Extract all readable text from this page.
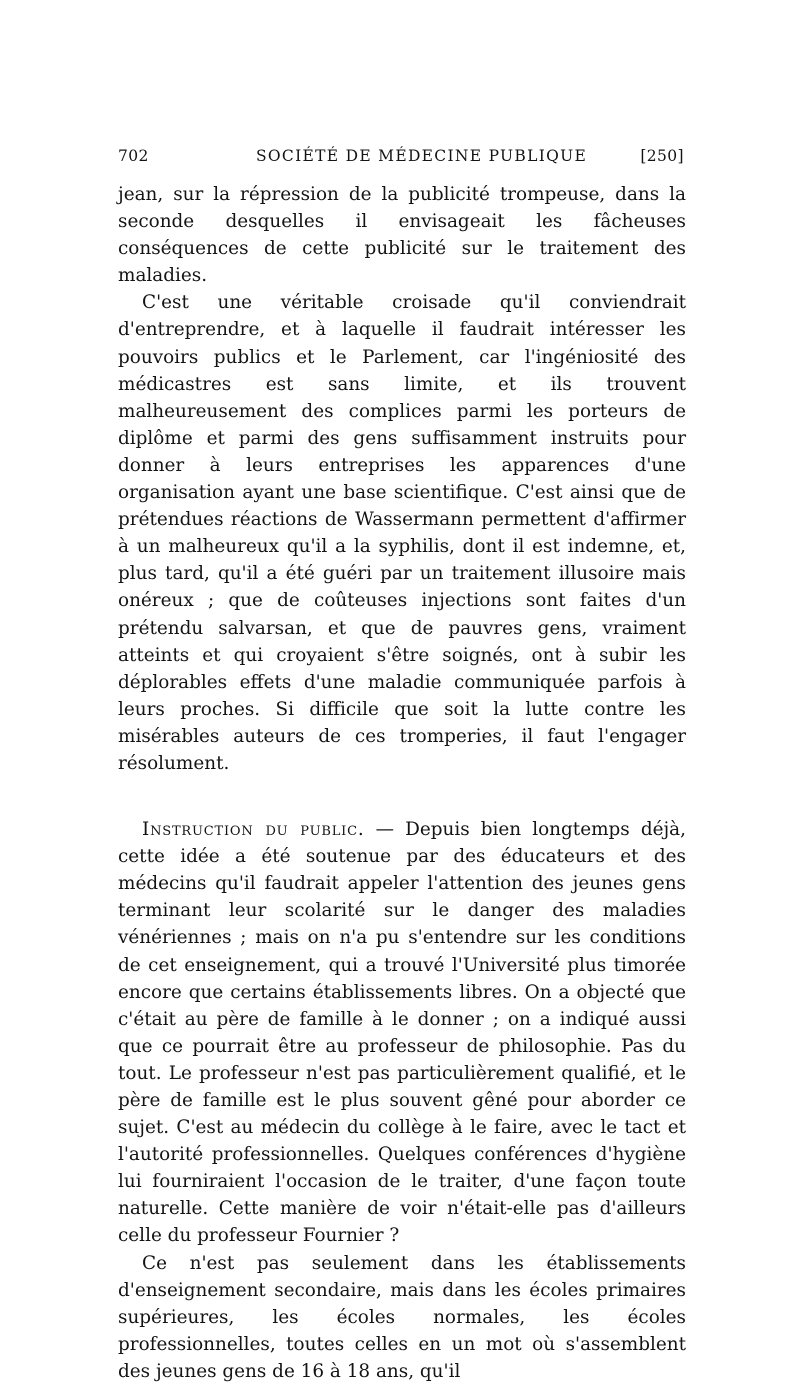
702	SOCIÉTÉ DE MÉDECINE PUBLIQUE	[250]

jean, sur la répression de la publicité trompeuse, dans la seconde desquelles il envisageait les fâcheuses conséquences de cette publicité sur le traitement des maladies.

C'est une véritable croisade qu'il conviendrait d'entreprendre, et à laquelle il faudrait intéresser les pouvoirs publics et le Parlement, car l'ingéniosité des médicastres est sans limite, et ils trouvent malheureusement des complices parmi les porteurs de diplôme et parmi des gens suffisamment instruits pour donner à leurs entreprises les apparences d'une organisation ayant une base scientifique. C'est ainsi que de prétendues réactions de Wassermann permettent d'affirmer à un malheureux qu'il a la syphilis, dont il est indemne, et, plus tard, qu'il a été guéri par un traitement illusoire mais onéreux ; que de coûteuses injections sont faites d'un prétendu salvarsan, et que de pauvres gens, vraiment atteints et qui croyaient s'être soignés, ont à subir les déplorables effets d'une maladie communiquée parfois à leurs proches. Si difficile que soit la lutte contre les misérables auteurs de ces tromperies, il faut l'engager résolument.

Instruction du public. — Depuis bien longtemps déjà, cette idée a été soutenue par des éducateurs et des médecins qu'il faudrait appeler l'attention des jeunes gens terminant leur scolarité sur le danger des maladies vénériennes ; mais on n'a pu s'entendre sur les conditions de cet enseignement, qui a trouvé l'Université plus timorée encore que certains établissements libres. On a objecté que c'était au père de famille à le donner ; on a indiqué aussi que ce pourrait être au professeur de philosophie. Pas du tout. Le professeur n'est pas particulièrement qualifié, et le père de famille est le plus souvent gêné pour aborder ce sujet. C'est au médecin du collège à le faire, avec le tact et l'autorité professionnelles. Quelques conférences d'hygiène lui fourniraient l'occasion de le traiter, d'une façon toute naturelle. Cette manière de voir n'était-elle pas d'ailleurs celle du professeur Fournier ?

Ce n'est pas seulement dans les établissements d'enseignement secondaire, mais dans les écoles primaires supérieures, les écoles normales, les écoles professionnelles, toutes celles en un mot où s'assemblent des jeunes gens de 16 à 18 ans, qu'il
